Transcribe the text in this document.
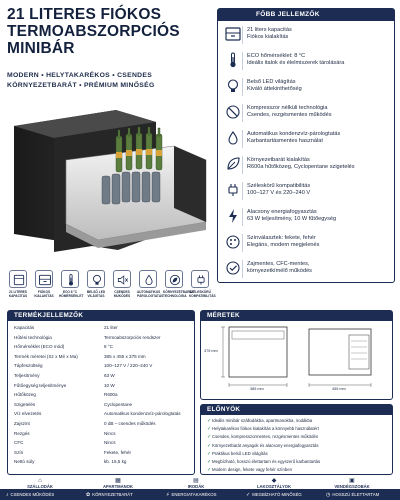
21 LITERES FIÓKOS
TERMOABSZORPCIÓS
MINIBÁR
MODERN • HELYTAKARÉKOS • CSENDES
KÖRNYEZETBARÁT • PRÉMIUM MINŐSÉG
FŐBB JELLEMZŐK
21 liters kapacitás
Fiókos kialakítás
ECO hőmérséklet: 8 °C
Ideális italok és élelmiszerek tárolására
Belső LED világítás
Kiváló áttekinthetőség
Kompresszor nélküli technológia
Csendes, rezgésmentes működés
Automatikus kondenzvíz-párologtatás
Karbantartásmentes használat
Környezetbarát kialakítás
R600a hűtőközeg, Cyclopentane szigetelés
Széleskörű kompatibilitás
100–127 V és 220–240 V
Alacsony energiafogyasztás
63 W teljesítmény, 10 W fűtőegység
Színválasztek: fekete, fehér
Elegáns, modern megjelenés
Zajmentes, CFC-mentes,
környezetkímélő működés
21 LITERES KAPACITÁS
FIÓKOS KIALAKÍTÁS
ECO 8 °C HŐMÉRSÉKLET
BELSŐ LED VILÁGÍTÁS
CSENDES MŰKÖDÉS
AUTOMATIKUS PÁROLOGTATÁS
KÖRNYEZETBARÁT TECHNOLÓGIA
SZÉLESKÖRŰ KOMPATIBILITÁS
TERMÉKJELLEMZŐK
Kapacitás	21 liter
Hűtési technológia	Termoabszorpciós rendszer
Hőmérséklet (ECO mód)	8 °C
Termék méretei (Sz x Mé x Ma)	385 x 455 x 375 mm
Tápfeszültség	100–127 V / 220–240 V
Teljesítmény	63 W
Fűtőegység teljesítménye	10 W
Hűtőközeg	R600a
Szigetelés	Cyclopentane
Víz elvezetés	Automatikus kondenzvíz-párologtatás
Zajszint	0 dB – csendes működés
Rezgés	Nincs
CFC	Nincs
Szín	Fekete, fehér
Nettó súly	kb. 15,5 kg
MÉRETEK
375 mm
385 mm	455 mm
ELŐNYÖK
✓Ideális minibár szállodákba, apartmanokba, irodákba
✓Helytakarékos fiókos kialakítás a könnyebb használatért
✓Csendes, kompresszormentes, rezgésmentes működés
✓Környezetbarát anyagok és alacsony energiafogyasztás
✓Praktikus belső LED világítás
✓Megbízható, hosszú élettartam és egyszerű karbantartás
✓Modern design, fekete vagy fehér színben
⌂
SZÁLLODÁK
▦
APARTMANOK
▤
IRODÁK
◆
LAKOSZTÁLYOK
▣
VENDÉGSZOBÁK
♪ CSENDES MŰKÖDÉS	✿ KÖRNYEZETBARÁT	⚡ ENERGIATAKARÉKOS	✓ MEGBÍZHATÓ MINŐSÉG	◷ HOSSZÚ ÉLETTARTAM
